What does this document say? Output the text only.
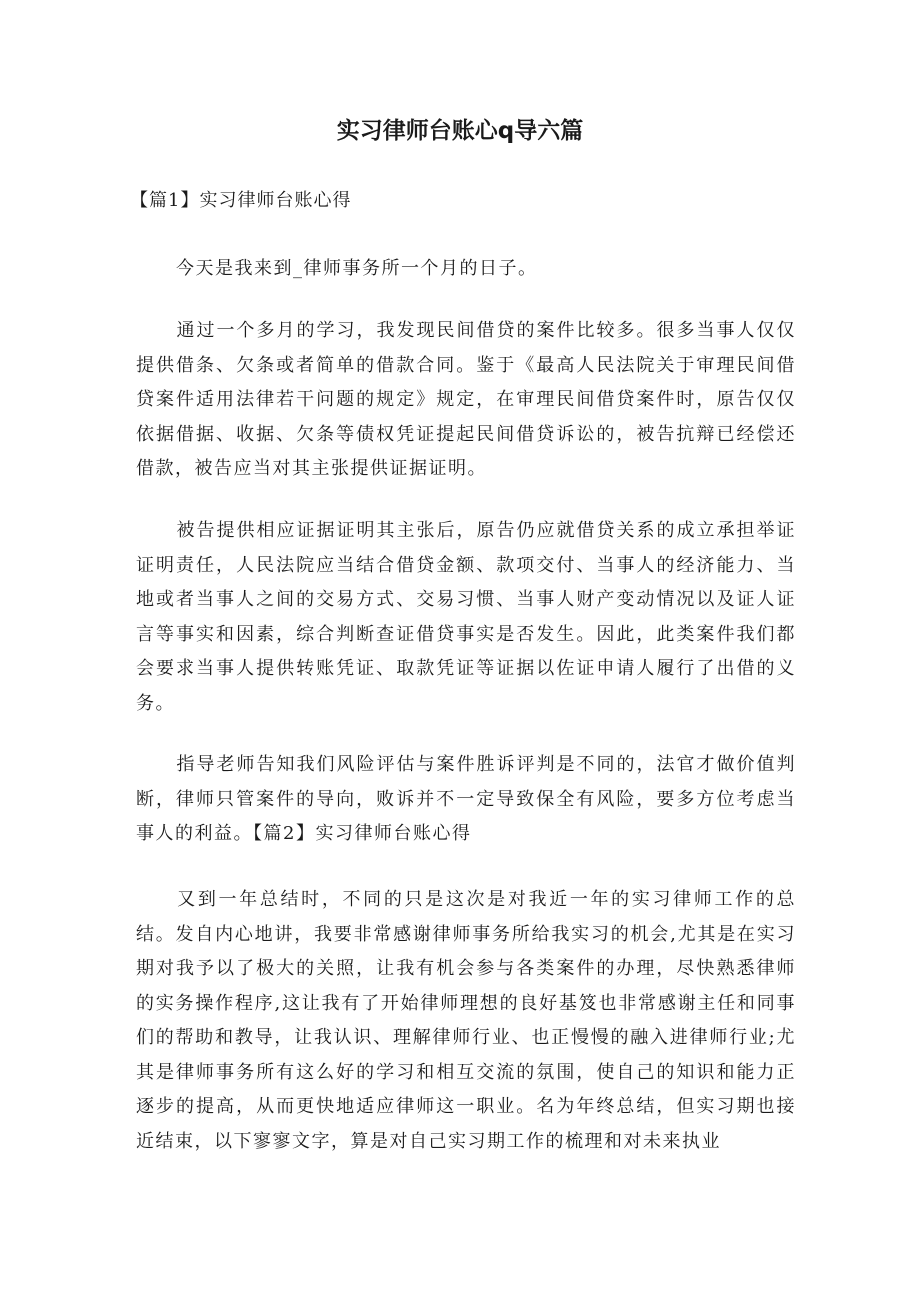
实习律师台账心q导六篇

【篇1】实习律师台账心得

今天是我来到_律师事务所一个月的日子。

通过一个多月的学习，我发现民间借贷的案件比较多。很多当事人仅仅提供借条、欠条或者简单的借款合同。鉴于《最高人民法院关于审理民间借贷案件适用法律若干问题的规定》规定，在审理民间借贷案件时，原告仅仅依据借据、收据、欠条等债权凭证提起民间借贷诉讼的，被告抗辩已经偿还借款，被告应当对其主张提供证据证明。

被告提供相应证据证明其主张后，原告仍应就借贷关系的成立承担举证证明责任，人民法院应当结合借贷金额、款项交付、当事人的经济能力、当地或者当事人之间的交易方式、交易习惯、当事人财产变动情况以及证人证言等事实和因素，综合判断查证借贷事实是否发生。因此，此类案件我们都会要求当事人提供转账凭证、取款凭证等证据以佐证申请人履行了出借的义务。

指导老师告知我们风险评估与案件胜诉评判是不同的，法官才做价值判断，律师只管案件的导向，败诉并不一定导致保全有风险，要多方位考虑当事人的利益。【篇2】实习律师台账心得

又到一年总结时，不同的只是这次是对我近一年的实习律师工作的总结。发自内心地讲，我要非常感谢律师事务所给我实习的机会,尤其是在实习期对我予以了极大的关照，让我有机会参与各类案件的办理，尽快熟悉律师的实务操作程序,这让我有了开始律师理想的良好基笈也非常感谢主任和同事们的帮助和教导，让我认识、理解律师行业、也正慢慢的融入进律师行业;尤其是律师事务所有这么好的学习和相互交流的氛围，使自己的知识和能力正逐步的提高，从而更快地适应律师这一职业。名为年终总结，但实习期也接近结束，以下寥寥文字，算是对自己实习期工作的梳理和对未来执业
